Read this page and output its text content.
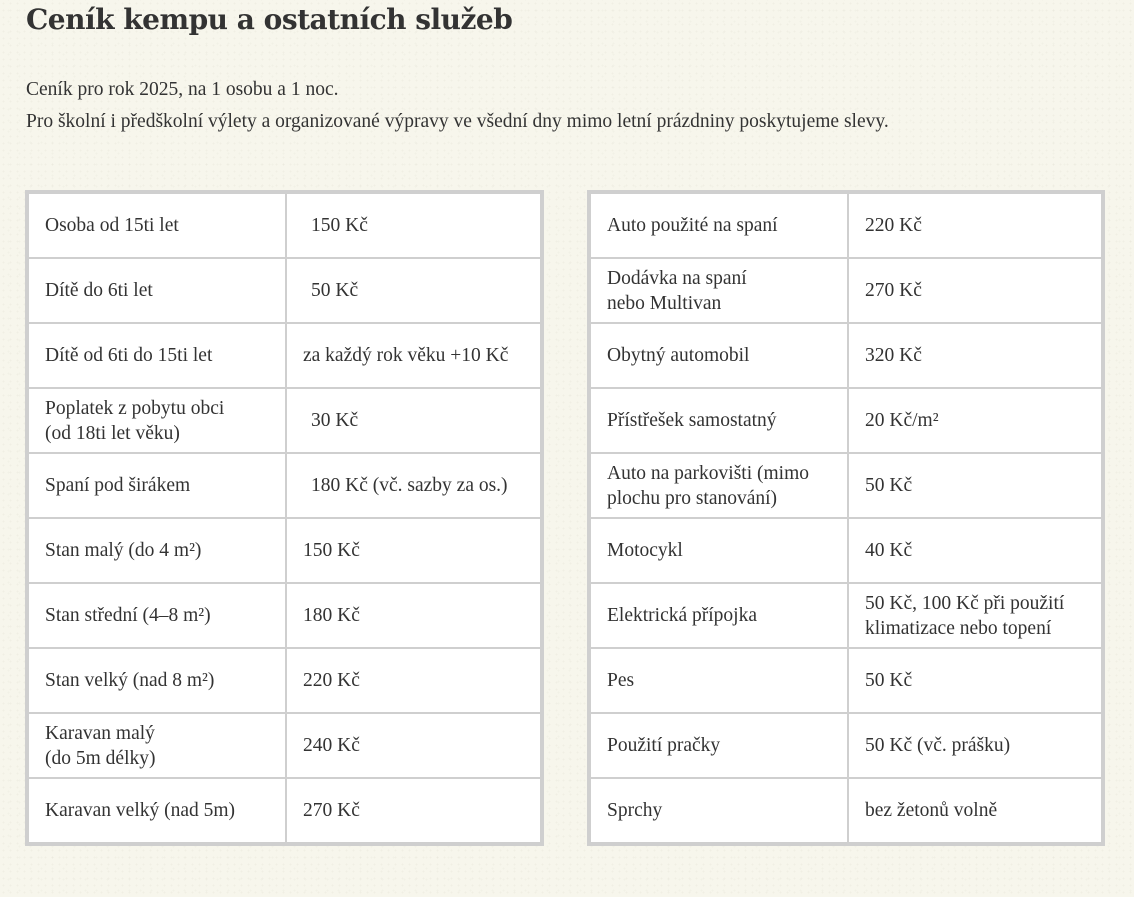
Ceník kempu a ostatních služeb

Ceník pro rok 2025, na 1 osobu a 1 noc.

Pro školní i předškolní výlety a organizované výpravy ve všední dny mimo letní prázdniny poskytujeme slevy.

Osoba od 15ti let	150 Kč
Dítě do 6ti let	50 Kč
Dítě od 6ti do 15ti let	za každý rok věku +10 Kč

Poplatek z pobytu obci
(od 18ti let věku)	30 Kč
Spaní pod širákem	180 Kč (vč. sazby za os.)
Stan malý (do 4 m²)	150 Kč
Stan střední (4–8 m²)	180 Kč
Stan velký (nad 8 m²)	220 Kč

Karavan malý
(do 5m délky)	240 Kč
Karavan velký (nad 5m)	270 Kč
Auto použité na spaní	220 Kč

Dodávka na spaní
nebo Multivan	270 Kč
Obytný automobil	320 Kč
Přístřešek samostatný	20 Kč/m²

Auto na parkovišti (mimo
plochu pro stanování)	50 Kč
Motocykl	40 Kč
Elektrická přípojka	50 Kč, 100 Kč při použití
klimatizace nebo topení

Pes	50 Kč
Použití pračky	50 Kč (vč. prášku)
Sprchy	bez žetonů volně
